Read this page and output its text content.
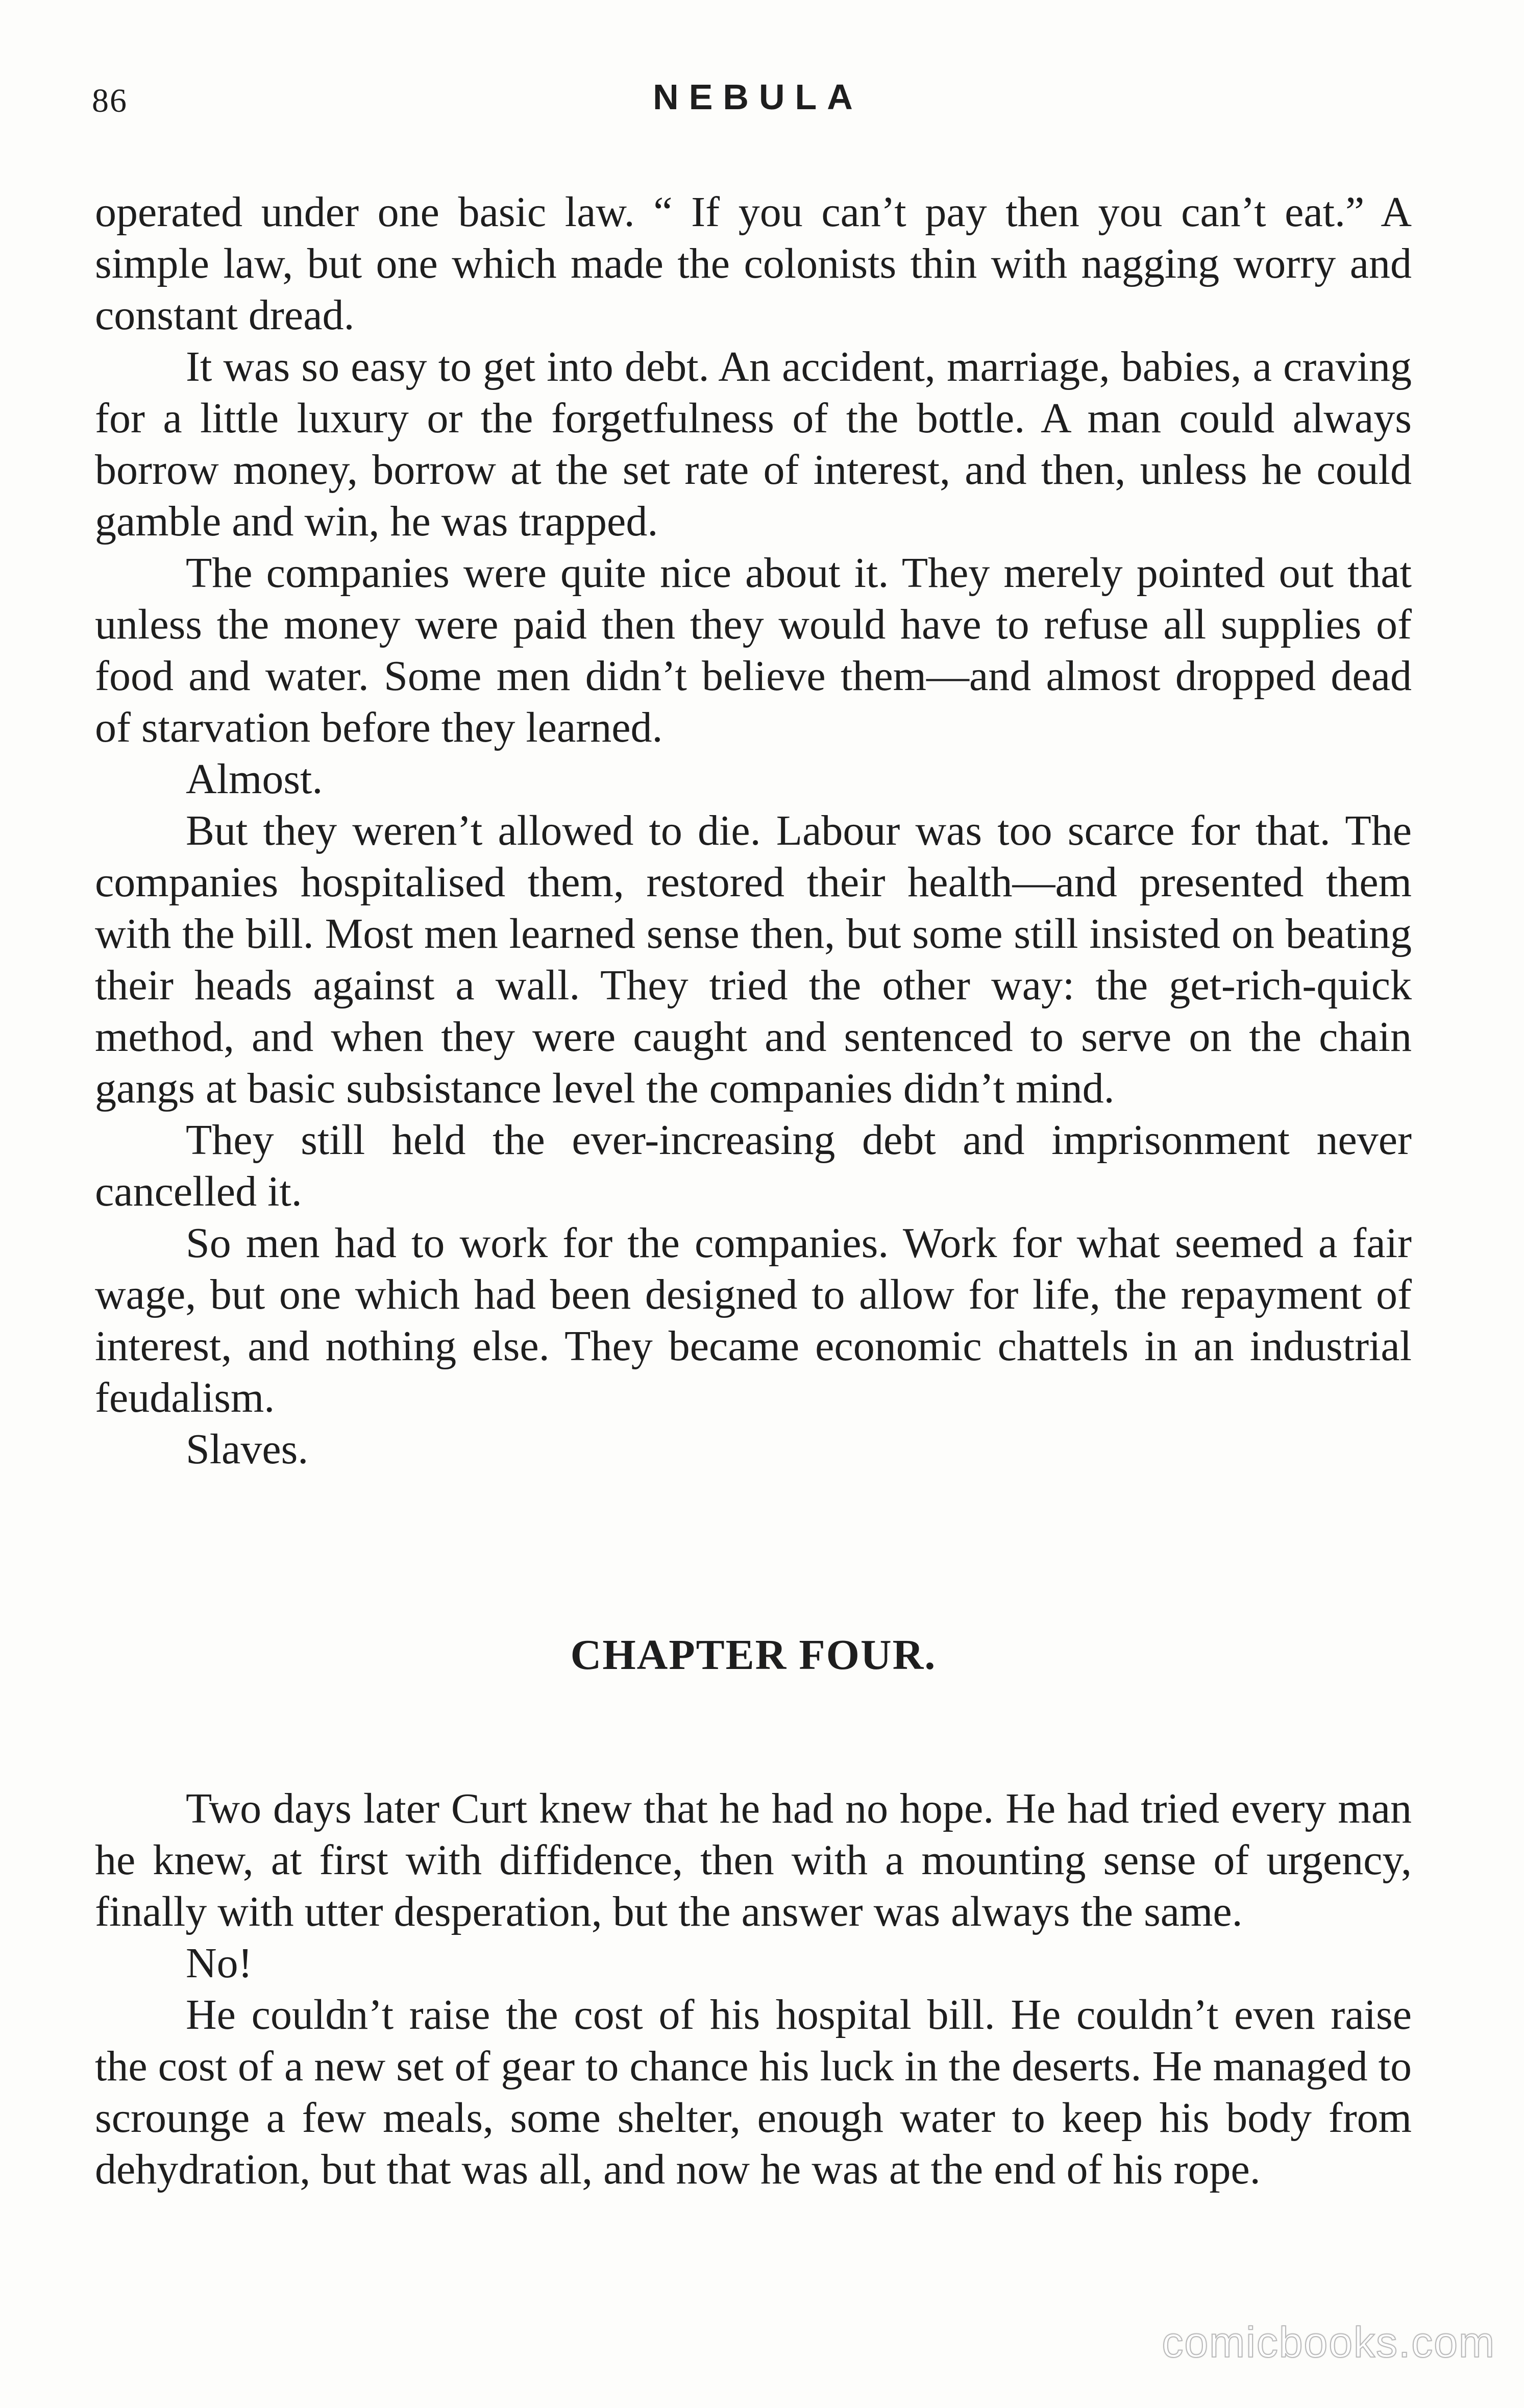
86	NEBULA

operated under one basic law. “ If you can’t pay then you can’t eat.” A simple law, but one which made the colonists thin with nagging worry and constant dread.

It was so easy to get into debt. An accident, marriage, babies, a craving for a little luxury or the forgetfulness of the bottle. A man could always borrow money, borrow at the set rate of interest, and then, unless he could gamble and win, he was trapped.

The companies were quite nice about it. They merely pointed out that unless the money were paid then they would have to refuse all supplies of food and water. Some men didn’t believe them—and almost dropped dead of starvation before they learned.

Almost.

But they weren’t allowed to die. Labour was too scarce for that. The companies hospitalised them, restored their health—and presented them with the bill. Most men learned sense then, but some still insisted on beating their heads against a wall. They tried the other way: the get-rich-quick method, and when they were caught and sentenced to serve on the chain gangs at basic subsistance level the companies didn’t mind.

They still held the ever-increasing debt and imprisonment never cancelled it.

So men had to work for the companies. Work for what seemed a fair wage, but one which had been designed to allow for life, the repayment of interest, and nothing else. They became economic chattels in an industrial feudalism.

Slaves.

CHAPTER FOUR.

Two days later Curt knew that he had no hope. He had tried every man he knew, at first with diffidence, then with a mounting sense of urgency, finally with utter desperation, but the answer was always the same.

No!

He couldn’t raise the cost of his hospital bill. He couldn’t even raise the cost of a new set of gear to chance his luck in the deserts. He managed to scrounge a few meals, some shelter, enough water to keep his body from dehydration, but that was all, and now he was at the end of his rope.

comicbooks.com
